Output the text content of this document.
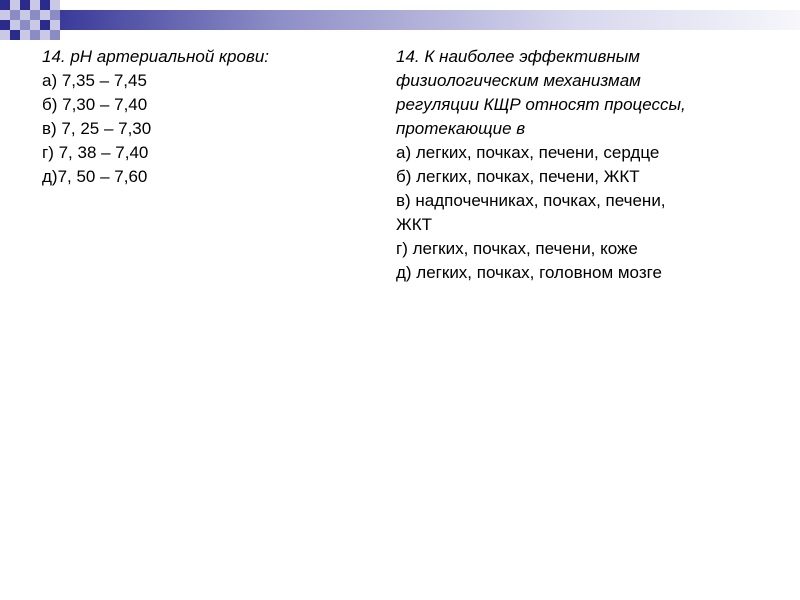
14. рН артериальной крови:

а) 7,35 – 7,45

б) 7,30 – 7,40

в) 7, 25 – 7,30

г) 7, 38 – 7,40

д)7, 50 – 7,60

14. К наиболее эффективным

физиологическим механизмам

регуляции КЩР относят процессы,

протекающие в

а) легких, почках, печени, сердце

б) легких, почках, печени, ЖКТ

в) надпочечниках, почках, печени,

ЖКТ

г) легких, почках, печени, коже

д) легких, почках, головном мозге
